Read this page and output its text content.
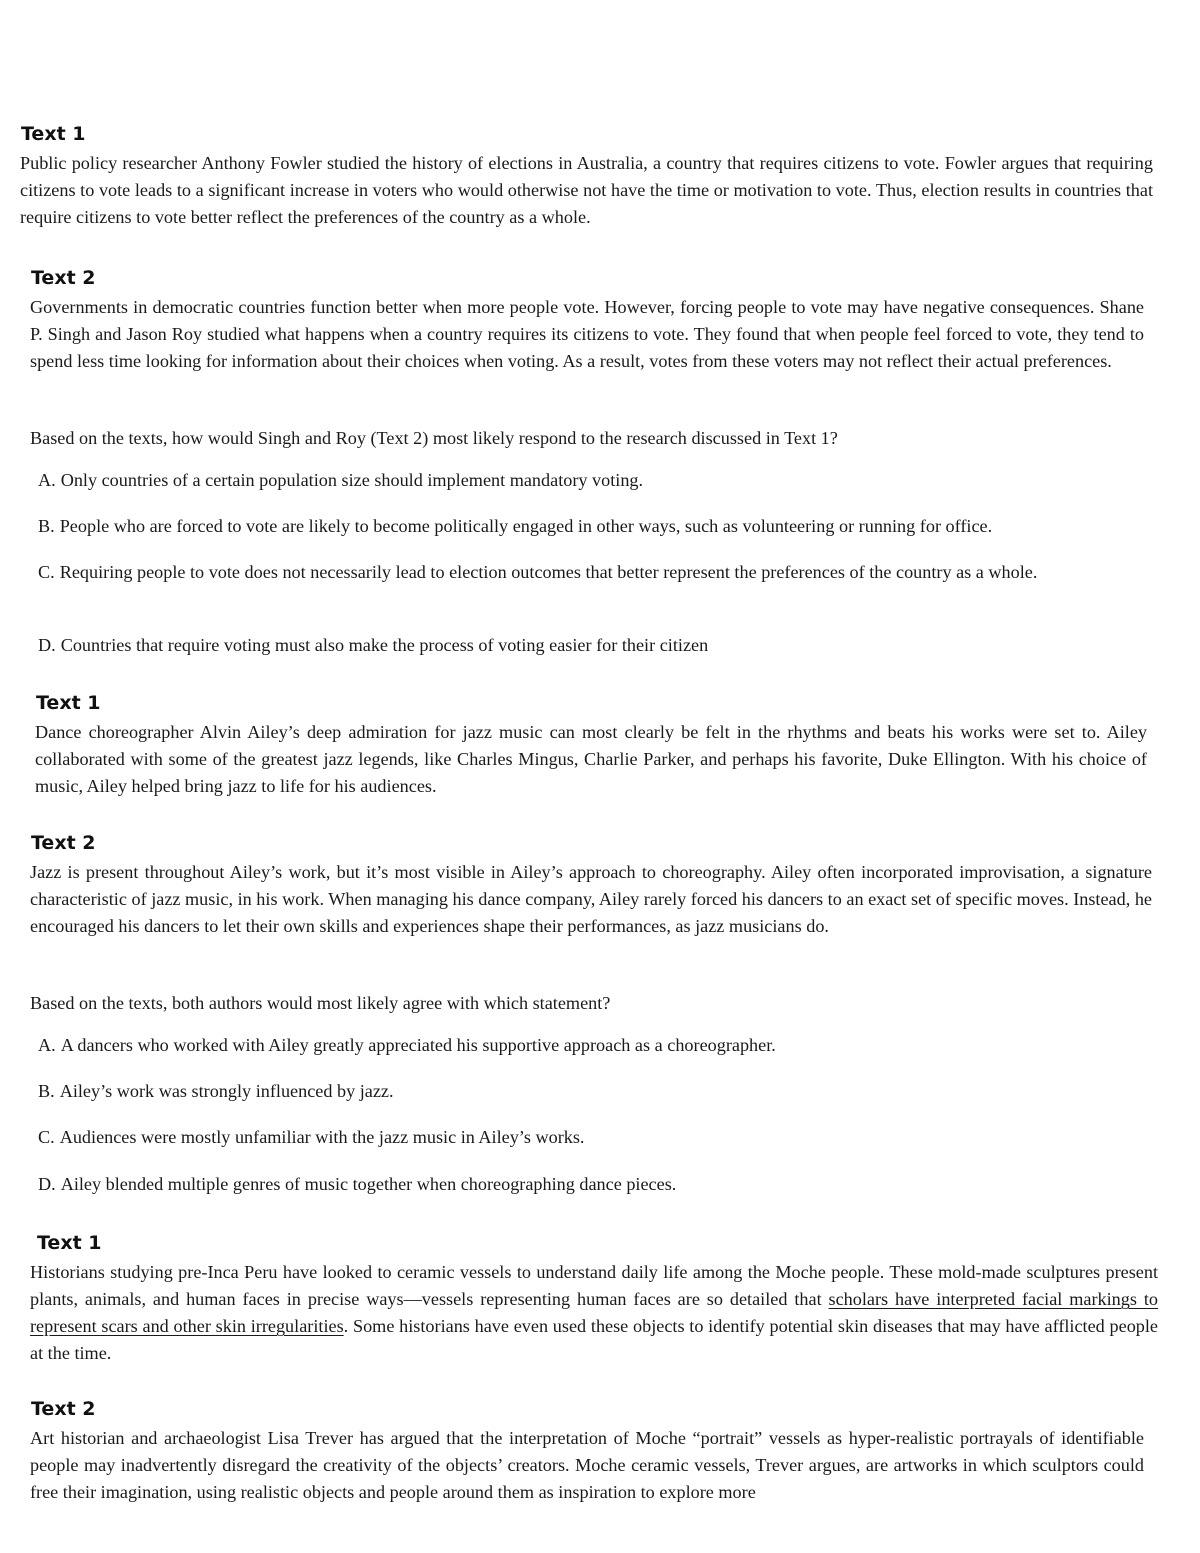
Text 1

Public policy researcher Anthony Fowler studied the history of elections in Australia, a country that requires citizens to vote. Fowler argues that requiring citizens to vote leads to a significant increase in voters who would otherwise not have the time or motivation to vote. Thus, election results in countries that require citizens to vote better reflect the preferences of the country as a whole.

Text 2

Governments in democratic countries function better when more people vote. However, forcing people to vote may have negative consequences. Shane P. Singh and Jason Roy studied what happens when a country requires its citizens to vote. They found that when people feel forced to vote, they tend to spend less time looking for information about their choices when voting. As a result, votes from these voters may not reflect their actual preferences.

Based on the texts, how would Singh and Roy (Text 2) most likely respond to the research discussed in Text 1?

A. Only countries of a certain population size should implement mandatory voting.
B. People who are forced to vote are likely to become politically engaged in other ways, such as volunteering or running for office.
C. Requiring people to vote does not necessarily lead to election outcomes that better represent the preferences of the country as a whole.
D. Countries that require voting must also make the process of voting easier for their citizen
Text 1

Dance choreographer Alvin Ailey’s deep admiration for jazz music can most clearly be felt in the rhythms and beats his works were set to. Ailey collaborated with some of the greatest jazz legends, like Charles Mingus, Charlie Parker, and perhaps his favorite, Duke Ellington. With his choice of music, Ailey helped bring jazz to life for his audiences.

Text 2

Jazz is present throughout Ailey’s work, but it’s most visible in Ailey’s approach to choreography. Ailey often incorporated improvisation, a signature characteristic of jazz music, in his work. When managing his dance company, Ailey rarely forced his dancers to an exact set of specific moves. Instead, he encouraged his dancers to let their own skills and experiences shape their performances, as jazz musicians do.

Based on the texts, both authors would most likely agree with which statement?

A. A dancers who worked with Ailey greatly appreciated his supportive approach as a choreographer.
B. Ailey’s work was strongly influenced by jazz.
C. Audiences were mostly unfamiliar with the jazz music in Ailey’s works.
D. Ailey blended multiple genres of music together when choreographing dance pieces.
Text 1

Historians studying pre-Inca Peru have looked to ceramic vessels to understand daily life among the Moche people. These mold-made sculptures present plants, animals, and human faces in precise ways—vessels representing human faces are so detailed that scholars have interpreted facial markings to represent scars and other skin irregularities. Some historians have even used these objects to identify potential skin diseases that may have afflicted people at the time.

Text 2

Art historian and archaeologist Lisa Trever has argued that the interpretation of Moche “portrait” vessels as hyper-realistic portrayals of identifiable people may inadvertently disregard the creativity of the objects’ creators. Moche ceramic vessels, Trever argues, are artworks in which sculptors could free their imagination, using realistic objects and people around them as inspiration to explore more
